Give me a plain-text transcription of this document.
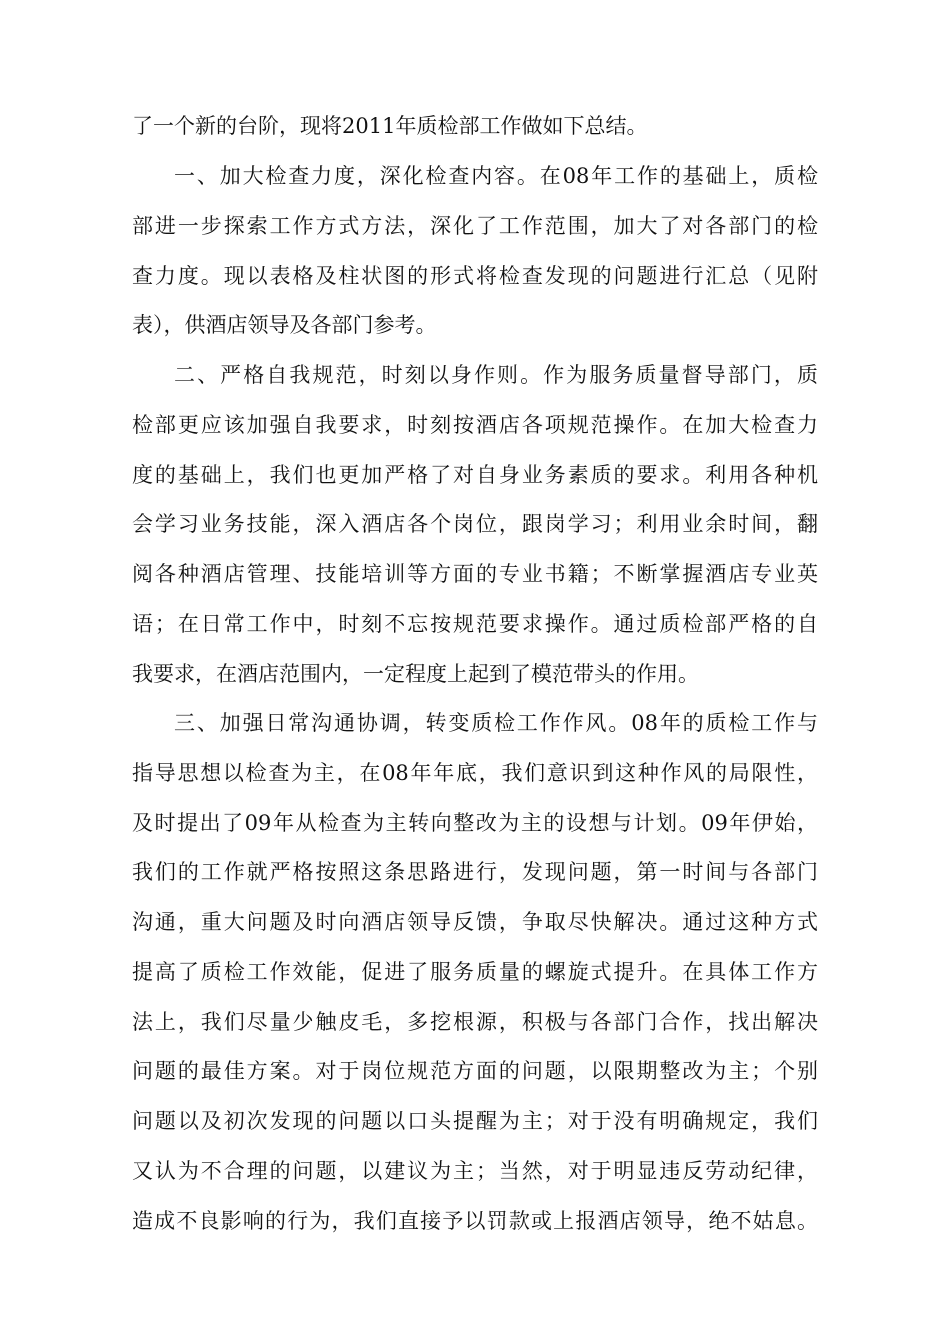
了一个新的台阶，现将2011年质检部工作做如下总结。
一、加大检查力度，深化检查内容。在08年工作的基础上，质检
部进一步探索工作方式方法，深化了工作范围，加大了对各部门的检
查力度。现以表格及柱状图的形式将检查发现的问题进行汇总（见附
表），供酒店领导及各部门参考。
二、严格自我规范，时刻以身作则。作为服务质量督导部门，质
检部更应该加强自我要求，时刻按酒店各项规范操作。在加大检查力
度的基础上，我们也更加严格了对自身业务素质的要求。利用各种机
会学习业务技能，深入酒店各个岗位，跟岗学习；利用业余时间，翻
阅各种酒店管理、技能培训等方面的专业书籍；不断掌握酒店专业英
语；在日常工作中，时刻不忘按规范要求操作。通过质检部严格的自
我要求，在酒店范围内，一定程度上起到了模范带头的作用。
三、加强日常沟通协调，转变质检工作作风。08年的质检工作与
指导思想以检查为主，在08年年底，我们意识到这种作风的局限性，
及时提出了09年从检查为主转向整改为主的设想与计划。09年伊始，
我们的工作就严格按照这条思路进行，发现问题，第一时间与各部门
沟通，重大问题及时向酒店领导反馈，争取尽快解决。通过这种方式
提高了质检工作效能，促进了服务质量的螺旋式提升。在具体工作方
法上，我们尽量少触皮毛，多挖根源，积极与各部门合作，找出解决
问题的最佳方案。对于岗位规范方面的问题，以限期整改为主；个别
问题以及初次发现的问题以口头提醒为主；对于没有明确规定，我们
又认为不合理的问题，以建议为主；当然，对于明显违反劳动纪律，
造成不良影响的行为，我们直接予以罚款或上报酒店领导，绝不姑息。
